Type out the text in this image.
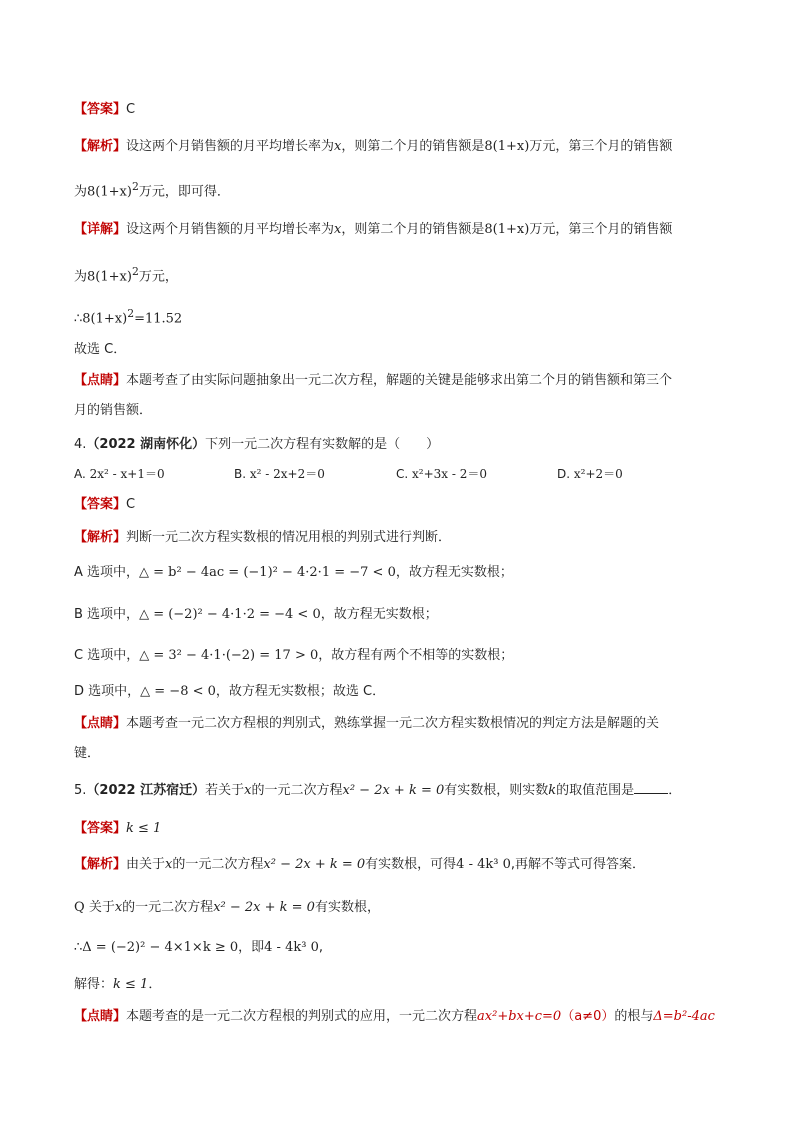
【答案】C
【解析】设这两个月销售额的月平均增长率为x，则第二个月的销售额是8(1+x)万元，第三个月的销售额
为$8(1+x)^2$万元，即可得．
【详解】设这两个月销售额的月平均增长率为x，则第二个月的销售额是8(1+x)万元，第三个月的销售额
为$8(1+x)^2$万元，
$\therefore 8(1+x)^2=11.52$
故选 C．
【点睛】本题考查了由实际问题抽象出一元二次方程，解题的关键是能够求出第二个月的销售额和第三个
月的销售额．
4.（2022 湖南怀化）下列一元二次方程有实数解的是（　　）
A. 2x² - x+1＝0	B. x² - 2x+2＝0	C. x²+3x - 2＝0	D. x²+2＝0
【答案】C
【解析】判断一元二次方程实数根的情况用根的判别式进行判断．
A 选项中，△ = b² − 4ac = (−1)² − 4·2·1 = −7 < 0，故方程无实数根；
B 选项中，△ = (−2)² − 4·1·2 = −4 < 0，故方程无实数根；
C 选项中，△ = 3² − 4·1·(−2) = 17 > 0，故方程有两个不相等的实数根；
D 选项中，△ = −8 < 0，故方程无实数根；故选 C．
【点睛】本题考查一元二次方程根的判别式，熟练掌握一元二次方程实数根情况的判定方法是解题的关
键．
5.（2022 江苏宿迁）若关于x的一元二次方程x² − 2x + k = 0有实数根，则实数k的取值范围是	．
【答案】k ≤ 1
【解析】由关于x的一元二次方程x² − 2x + k = 0有实数根，可得4 - 4k³ 0,再解不等式可得答案．
Q 关于x的一元二次方程x² − 2x + k = 0有实数根，
∴Δ = (−2)² − 4×1×k ≥ 0，即4 - 4k³ 0,
解得：k ≤ 1．
【点睛】本题考查的是一元二次方程根的判别式的应用，一元二次方程ax²+bx+c=0（a≠0）的根与Δ=b²-4ac
